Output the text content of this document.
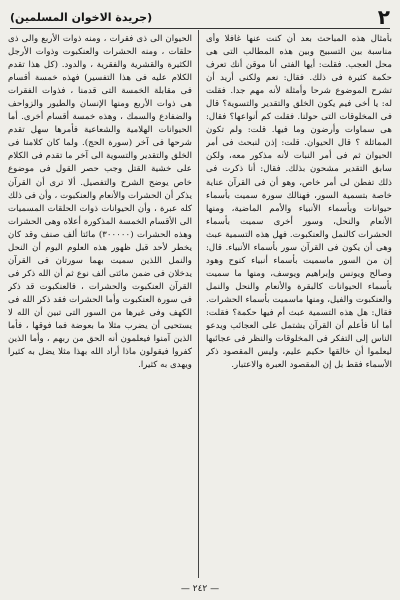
(جريدة الاخوان المسلمين)	٢

بأمثال هذه المباحث بعد أن كنت عنها غافلا وأى مناسبة بين التسبيح وبين هذه المطالب التى هى محل العجب. فقلت: أيها الفتى أنا موقن أنك تعرف حكمة كثيرة فى ذلك. فقال: نعم ولكنى أريد أن تشرح الموضوع شرحا وأمثلة لأنه مهم جدا. فقلت له: يا أخى فيم يكون الخلق والتقدير والتسوية؟ قال فى المخلوقات التى حولنا. فقلت كم أنواعها؟ فقال: هى سماوات وأرضون وما فيها. قلت: ولم تكون المماثلة ؟ قال الحيوان. قلت: إذن لنبحث فى أمر الحيوان ثم فى أمر النبات لأنه مذكور معه، ولكن سابق التقدير مشحون بذلك. فقال: أنا ذكرت فى ذلك تفطن لى أمر خاص، وهو أن فى القرآن عناية خاصة بتسمية السور، فهنالك سورة سميت بأسماء حيوانات وبأسماء الأنبياء والأمم الماضية، ومنها الأنعام والنحل، وسور أخرى سميت بأسماء الحشرات كالنمل والعنكبوت. فهل هذه التسمية عبث وهى أن يكون فى القرآن سور بأسماء الأنبياء. قال: إن من السور ماسميت بأسماء أنبياء كنوح وهود وصالح ويونس وإبراهيم ويوسف، ومنها ما سميت بأسماء الحيوانات كالبقرة والأنعام والنحل والنمل والعنكبوت والفيل، ومنها ماسميت بأسماء الحشرات. فقال: هل هذه التسمية عبث أم فيها حكمة؟ فقلت: أما أنا فأعلم أن القرآن يشتمل على العجائب ويدعو الناس إلى التفكر فى المخلوقات والنظر فى عجائبها ليعلموا أن خالقها حكيم عليم، وليس المقصود ذكر الأسماء فقط بل إن المقصود العبرة والاعتبار.

الحيوان الى ذى فقرات ، ومنه ذوات الأربع والى ذى حلقات ، ومنه الحشرات والعنكبوت وذوات الأرجل الكثيرة والقشرية والفقرية ، والدود. (كل هذا تقدم الكلام عليه فى هذا التفسير) فهذه خمسة أقسام فى مقابلة الخمسة التى قدمنا ، فذوات الفقرات هى ذوات الأربع ومنها الإنسان والطيور والزواحف والضفادع والسمك ، وهذه خمسة أقسام أخرى. أما الحيوانات الهلامية والشعاعية فأمرها سهل تقدم شرحها فى آخر (سورة الحج). ولما كان كلامنا فى الخلق والتقدير والتسوية الى آخر ما تقدم فى الكلام على خشية القتل وجب حصر القول فى موضوع خاص يوضح الشرح والتفصيل. ألا ترى أن القرآن يذكر أن الحشرات والأنعام والعنكبوت ، وأن فى ذلك كله عبرة ، وأن الحيوانات ذوات الحلقات المسميات الى الأقسام الخمسة المذكورة أعلاه وهى الحشرات وهذه الحشرات (٣٠٠٠٠٠) مائتا ألف صنف وقد كان يخطر لأحد قبل ظهور هذه العلوم اليوم أن النحل والنمل اللذين سميت بهما سورتان فى القرآن يدخلان فى ضمن مائتى ألف نوع ثم أن الله ذكر فى القرآن العنكبوت والحشرات ، فالعنكبوت قد ذكر فى سورة العنكبوت وأما الحشرات فقد ذكر الله فى الكهف وفى غيرها من السور التى تبين أن الله لا يستحيى أن يضرب مثلا ما بعوضة فما فوقها ، فأما الذين آمنوا فيعلمون أنه الحق من ربهم ، وأما الذين كفروا فيقولون ماذا أراد الله بهذا مثلا يضل به كثيرا ويهدى به كثيرا.

— ٢٤٢ —
